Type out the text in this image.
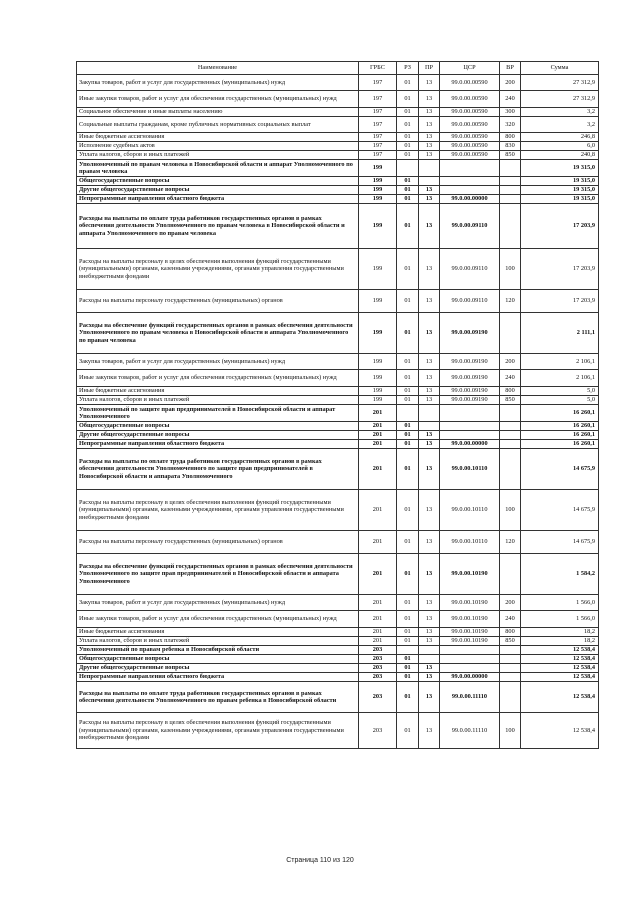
Наименование	ГРБС	РЗ	ПР	ЦСР	ВР	Сумма
Закупка товаров, работ и услуг для государственных (муниципальных) нужд	197	01	13	99.0.00.00590	200	27 312,9
Иные закупки товаров, работ и услуг для обеспечения государственных (муниципальных) нужд	197	01	13	99.0.00.00590	240	27 312,9
Социальное обеспечение и иные выплаты населению	197	01	13	99.0.00.00590	300	3,2
Социальные выплаты гражданам, кроме публичных нормативных социальных выплат	197	01	13	99.0.00.00590	320	3,2
Иные бюджетные ассигнования	197	01	13	99.0.00.00590	800	246,8
Исполнение судебных актов	197	01	13	99.0.00.00590	830	6,0
Уплата налогов, сборов и иных платежей	197	01	13	99.0.00.00590	850	240,8
Уполномоченный по правам человека в Новосибирской области и аппарат Уполномоченного по правам человека	199					19 315,0
Общегосударственные вопросы	199	01				19 315,0
Другие общегосударственные вопросы	199	01	13			19 315,0
Непрограммные направления областного бюджета	199	01	13	99.0.00.00000		19 315,0
Расходы на выплаты по оплате труда работников государственных органов в рамках обеспечения деятельности Уполномоченного по правам человека в Новосибирской области и аппарата Уполномоченного по правам человека	199	01	13	99.0.00.09110		17 203,9
Расходы на выплаты персоналу в целях обеспечения выполнения функций государственными (муниципальными) органами, казенными учреждениями, органами управления государственными внебюджетными фондами	199	01	13	99.0.00.09110	100	17 203,9
Расходы на выплаты персоналу государственных (муниципальных) органов	199	01	13	99.0.00.09110	120	17 203,9
Расходы на обеспечение функций государственных органов в рамках обеспечения деятельности Уполномоченного по правам человека в Новосибирской области и аппарата Уполномоченного по правам человека	199	01	13	99.0.00.09190		2 111,1
Закупка товаров, работ и услуг для государственных (муниципальных) нужд	199	01	13	99.0.00.09190	200	2 106,1
Иные закупки товаров, работ и услуг для обеспечения государственных (муниципальных) нужд	199	01	13	99.0.00.09190	240	2 106,1
Иные бюджетные ассигнования	199	01	13	99.0.00.09190	800	5,0
Уплата налогов, сборов и иных платежей	199	01	13	99.0.00.09190	850	5,0
Уполномоченный по защите прав предпринимателей в Новосибирской области и аппарат Уполномоченного	201					16 260,1
Общегосударственные вопросы	201	01				16 260,1
Другие общегосударственные вопросы	201	01	13			16 260,1
Непрограммные направления областного бюджета	201	01	13	99.0.00.00000		16 260,1
Расходы на выплаты по оплате труда работников государственных органов в рамках обеспечения деятельности Уполномоченного по защите прав предпринимателей в Новосибирской области и аппарата Уполномоченного	201	01	13	99.0.00.10110		14 675,9
Расходы на выплаты персоналу в целях обеспечения выполнения функций государственными (муниципальными) органами, казенными учреждениями, органами управления государственными внебюджетными фондами	201	01	13	99.0.00.10110	100	14 675,9
Расходы на выплаты персоналу государственных (муниципальных) органов	201	01	13	99.0.00.10110	120	14 675,9
Расходы на обеспечение функций государственных органов в рамках обеспечения деятельности Уполномоченного по защите прав предпринимателей в Новосибирской области и аппарата Уполномоченного	201	01	13	99.0.00.10190		1 584,2
Закупка товаров, работ и услуг для государственных (муниципальных) нужд	201	01	13	99.0.00.10190	200	1 566,0
Иные закупки товаров, работ и услуг для обеспечения государственных (муниципальных) нужд	201	01	13	99.0.00.10190	240	1 566,0
Иные бюджетные ассигнования	201	01	13	99.0.00.10190	800	18,2
Уплата налогов, сборов и иных платежей	201	01	13	99.0.00.10190	850	18,2
Уполномоченный по правам ребенка в Новосибирской области	203					12 538,4
Общегосударственные вопросы	203	01				12 538,4
Другие общегосударственные вопросы	203	01	13			12 538,4
Непрограммные направления областного бюджета	203	01	13	99.0.00.00000		12 538,4
Расходы на выплаты по оплате труда работников государственных органов в рамках обеспечения деятельности Уполномоченного по правам ребенка в Новосибирской области	203	01	13	99.0.00.11110		12 538,4
Расходы на выплаты персоналу в целях обеспечения выполнения функций государственными (муниципальными) органами, казенными учреждениями, органами управления государственными внебюджетными фондами	203	01	13	99.0.00.11110	100	12 538,4
Страница 110 из 120
